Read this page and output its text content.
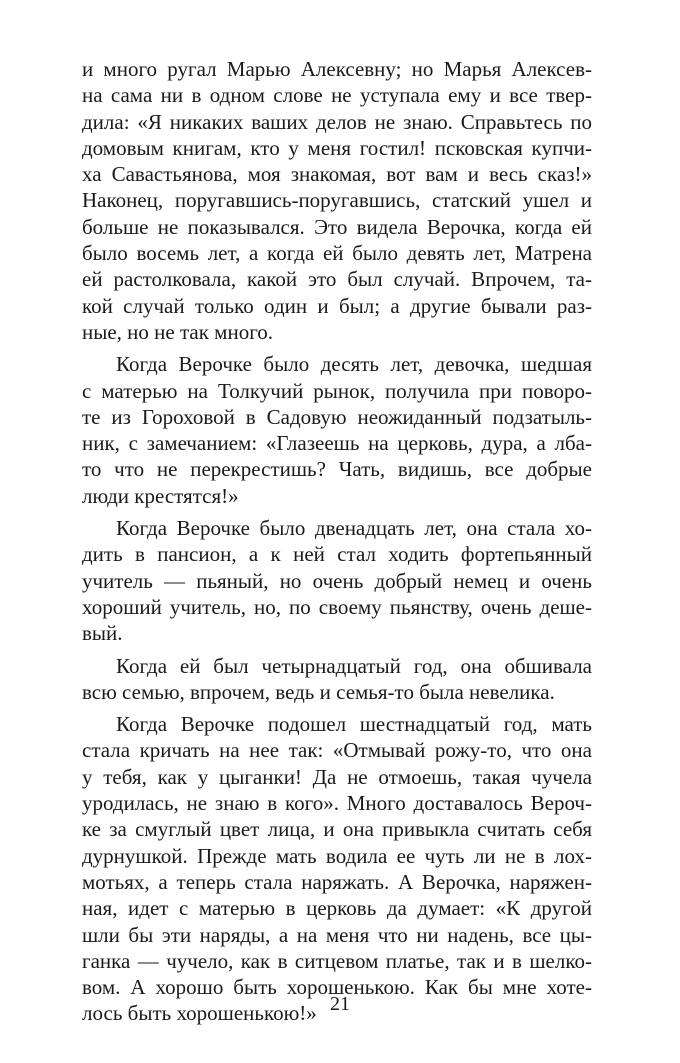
и много ругал Марью Алексевну; но Марья Алексев-
на сама ни в одном слове не уступала ему и все твер-
дила: «Я никаких ваших делов не знаю. Справьтесь по
домовым книгам, кто у меня гостил! псковская купчи-
ха Савастьянова, моя знакомая, вот вам и весь сказ!»
Наконец, поругавшись-поругавшись, статский ушел и
больше не показывался. Это видела Верочка, когда ей
было восемь лет, а когда ей было девять лет, Матрена
ей растолковала, какой это был случай. Впрочем, та-
кой случай только один и был; а другие бывали раз-
ные, но не так много.
Когда Верочке было десять лет, девочка, шедшая
с матерью на Толкучий рынок, получила при поворо-
те из Гороховой в Садовую неожиданный подзатыль-
ник, с замечанием: «Глазеешь на церковь, дура, а лба-
то что не перекрестишь? Чать, видишь, все добрые
люди крестятся!»
Когда Верочке было двенадцать лет, она стала хо-
дить в пансион, а к ней стал ходить фортепьянный
учитель — пьяный, но очень добрый немец и очень
хороший учитель, но, по своему пьянству, очень деше-
вый.
Когда ей был четырнадцатый год, она обшивала
всю семью, впрочем, ведь и семья-то была невелика.
Когда Верочке подошел шестнадцатый год, мать
стала кричать на нее так: «Отмывай рожу-то, что она
у тебя, как у цыганки! Да не отмоешь, такая чучела
уродилась, не знаю в кого». Много доставалось Вероч-
ке за смуглый цвет лица, и она привыкла считать себя
дурнушкой. Прежде мать водила ее чуть ли не в лох-
мотьях, а теперь стала наряжать. А Верочка, наряжен-
ная, идет с матерью в церковь да думает: «К другой
шли бы эти наряды, а на меня что ни надень, все цы-
ганка — чучело, как в ситцевом платье, так и в шелко-
вом. А хорошо быть хорошенькою. Как бы мне хоте-
лось быть хорошенькою!» 21
